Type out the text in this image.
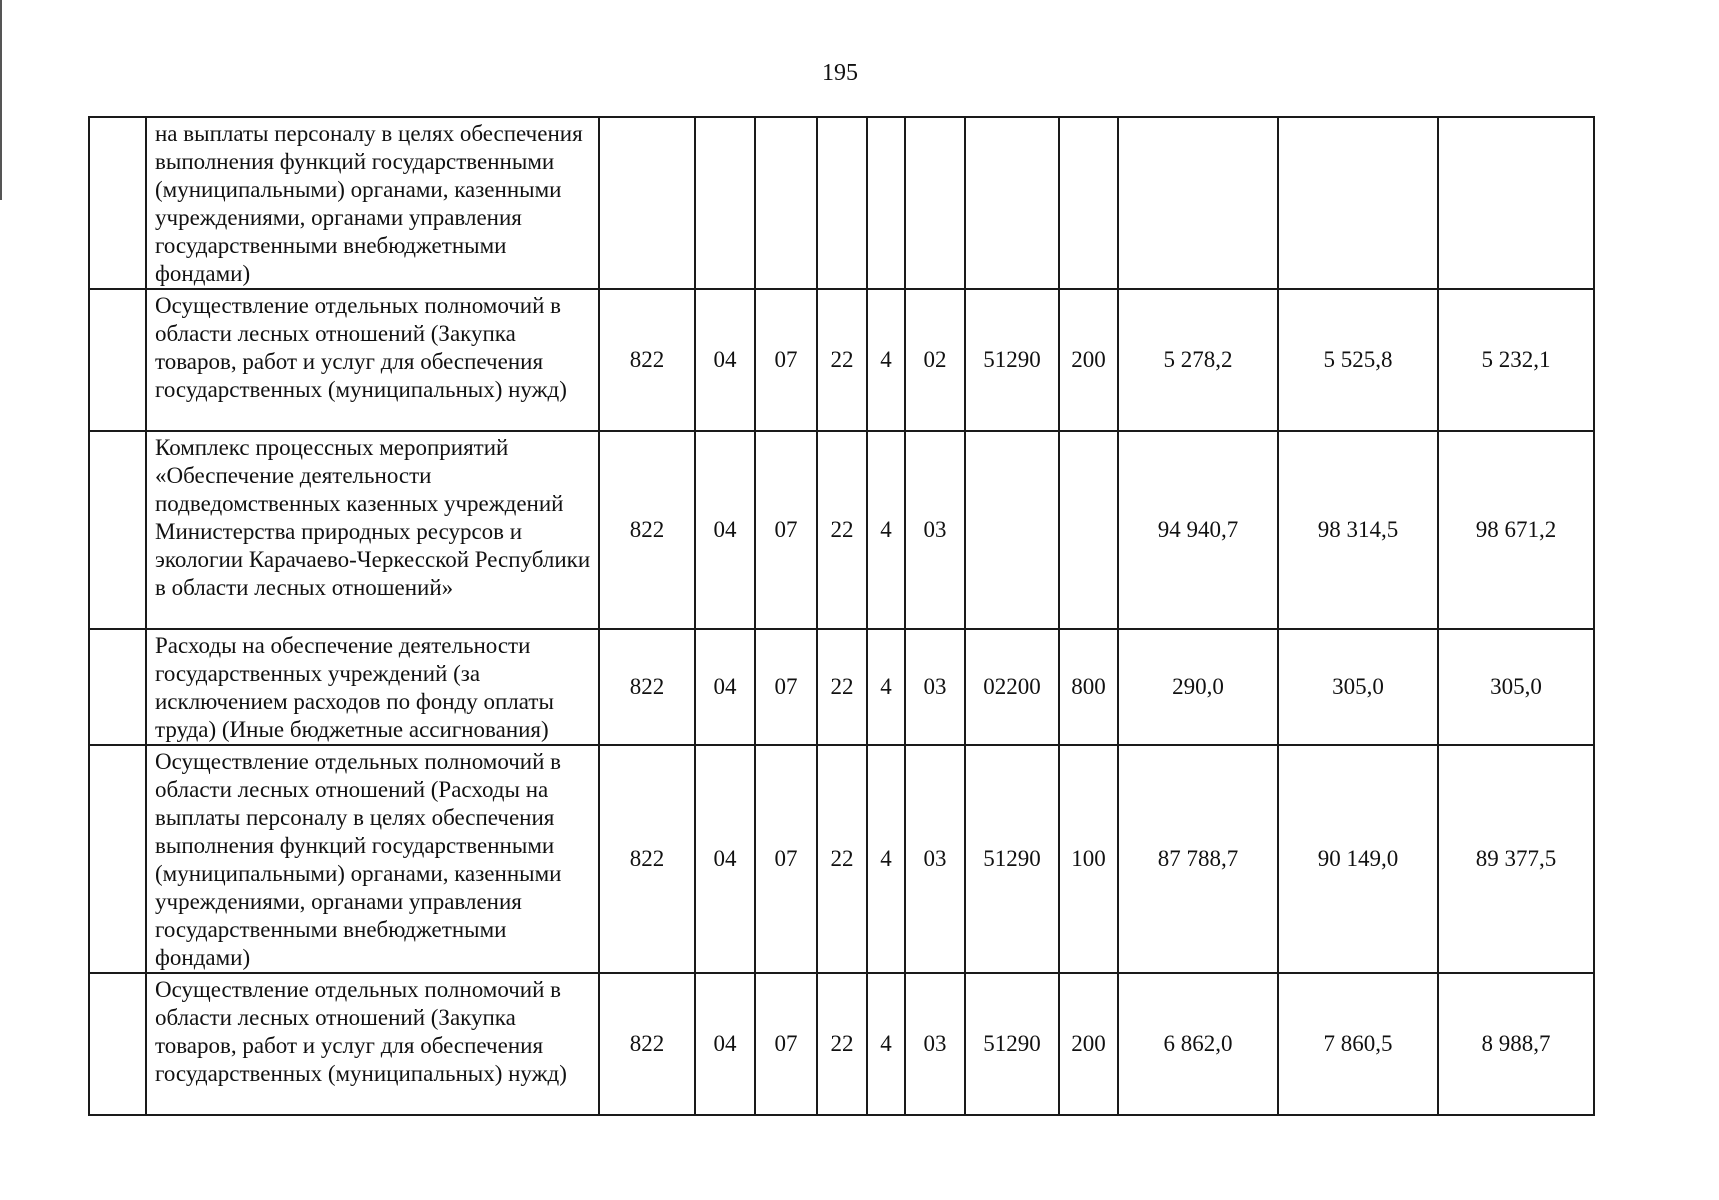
195
	на выплаты персоналу в целях обеспечения выполнения функций государственными (муниципальными) органами, казенными учреждениями, органами управления государственными внебюджетными фондами)											
	Осуществление отдельных полномочий в области лесных отношений (Закупка товаров, работ и услуг для обеспечения государственных (муниципальных) нужд)	822	04	07	22	4	02	51290	200	5 278,2	5 525,8	5 232,1
	Комплекс процессных мероприятий «Обеспечение деятельности подведомственных казенных учреждений Министерства природных ресурсов и экологии Карачаево-Черкесской Республики в области лесных отношений»	822	04	07	22	4	03			94 940,7	98 314,5	98 671,2
	Расходы на обеспечение деятельности государственных учреждений (за исключением расходов по фонду оплаты труда) (Иные бюджетные ассигнования)	822	04	07	22	4	03	02200	800	290,0	305,0	305,0
	Осуществление отдельных полномочий в области лесных отношений (Расходы на выплаты персоналу в целях обеспечения выполнения функций государственными (муниципальными) органами, казенными учреждениями, органами управления государственными внебюджетными фондами)	822	04	07	22	4	03	51290	100	87 788,7	90 149,0	89 377,5
	Осуществление отдельных полномочий в области лесных отношений (Закупка товаров, работ и услуг для обеспечения государственных (муниципальных) нужд)	822	04	07	22	4	03	51290	200	6 862,0	7 860,5	8 988,7
